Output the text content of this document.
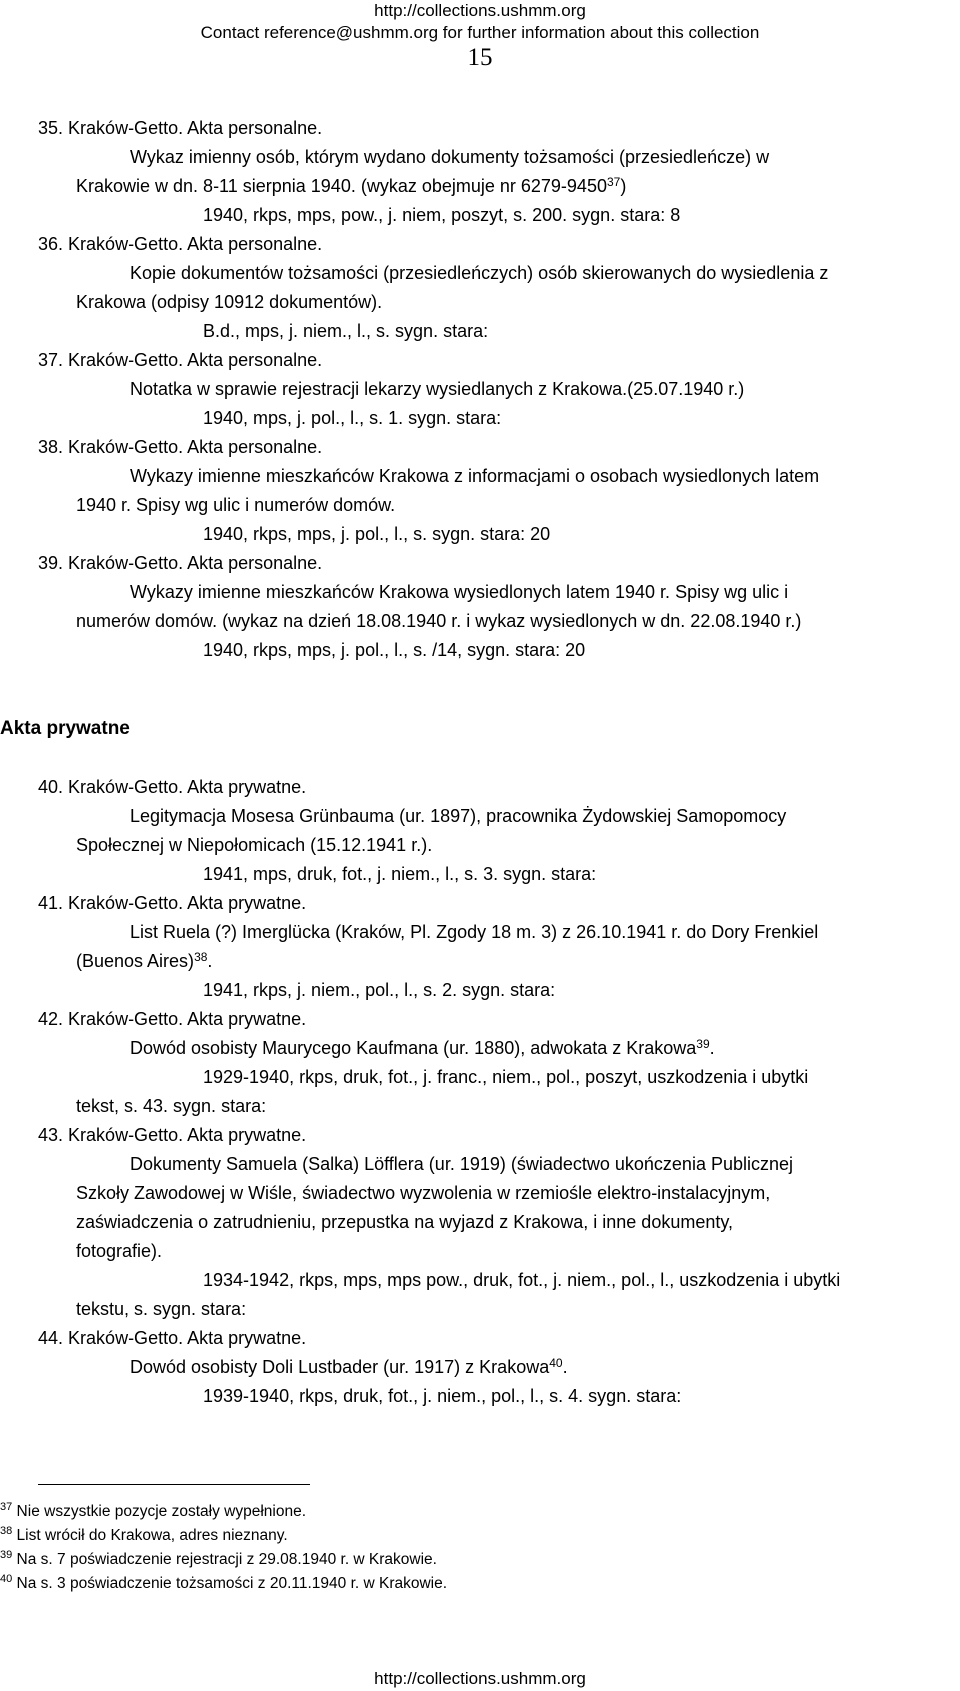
http://collections.ushmm.org
Contact reference@ushmm.org for further information about this collection
15
35. Kraków-Getto. Akta personalne.
Wykaz imienny osób, którym wydano dokumenty tożsamości (przesiedleńcze) w
Krakowie w dn. 8-11 sierpnia 1940. (wykaz obejmuje nr 6279-9450$^{37}$)
1940, rkps, mps, pow., j. niem, poszyt, s. 200. sygn. stara: 8
36. Kraków-Getto. Akta personalne.
Kopie dokumentów tożsamości (przesiedleńczych) osób skierowanych do wysiedlenia z
Krakowa (odpisy 10912 dokumentów).
B.d., mps, j. niem., l., s. sygn. stara:
37. Kraków-Getto. Akta personalne.
Notatka w sprawie rejestracji lekarzy wysiedlanych z Krakowa.(25.07.1940 r.)
1940, mps, j. pol., l., s. 1. sygn. stara:
38. Kraków-Getto. Akta personalne.
Wykazy imienne mieszkańców Krakowa z informacjami o osobach wysiedlonych latem
1940 r. Spisy wg ulic i numerów domów.
1940, rkps, mps, j. pol., l., s. sygn. stara: 20
39. Kraków-Getto. Akta personalne.
Wykazy imienne mieszkańców Krakowa wysiedlonych latem 1940 r. Spisy wg ulic i
numerów domów. (wykaz na dzień 18.08.1940 r. i wykaz wysiedlonych w dn. 22.08.1940 r.)
1940, rkps, mps, j. pol., l., s. /14, sygn. stara: 20
Akta prywatne
40. Kraków-Getto. Akta prywatne.
Legitymacja Mosesa Grünbauma (ur. 1897), pracownika Żydowskiej Samopomocy
Społecznej w Niepołomicach (15.12.1941 r.).
1941, mps, druk, fot., j. niem., l., s. 3. sygn. stara:
41. Kraków-Getto. Akta prywatne.
List Ruela (?) Imerglücka (Kraków, Pl. Zgody 18 m. 3) z 26.10.1941 r. do Dory Frenkiel
(Buenos Aires)$^{38}$.
1941, rkps, j. niem., pol., l., s. 2. sygn. stara:
42. Kraków-Getto. Akta prywatne.
Dowód osobisty Maurycego Kaufmana (ur. 1880), adwokata z Krakowa$^{39}$.
1929-1940, rkps, druk, fot., j. franc., niem., pol., poszyt, uszkodzenia i ubytki
tekst, s. 43. sygn. stara:
43. Kraków-Getto. Akta prywatne.
Dokumenty Samuela (Salka) Löfflera (ur. 1919) (świadectwo ukończenia Publicznej
Szkoły Zawodowej w Wiśle, świadectwo wyzwolenia w rzemiośle elektro-instalacyjnym,
zaświadczenia o zatrudnieniu, przepustka na wyjazd z Krakowa, i inne dokumenty,
fotografie).
1934-1942, rkps, mps, mps pow., druk, fot., j. niem., pol., l., uszkodzenia i ubytki
tekstu, s. sygn. stara:
44. Kraków-Getto. Akta prywatne.
Dowód osobisty Doli Lustbader (ur. 1917) z Krakowa$^{40}$.
1939-1940, rkps, druk, fot., j. niem., pol., l., s. 4. sygn. stara:
$^{37}$ Nie wszystkie pozycje zostały wypełnione.
$^{38}$ List wrócił do Krakowa, adres nieznany.
$^{39}$ Na s. 7 poświadczenie rejestracji z 29.08.1940 r. w Krakowie.
$^{40}$ Na s. 3 poświadczenie tożsamości z 20.11.1940 r. w Krakowie.
http://collections.ushmm.org
